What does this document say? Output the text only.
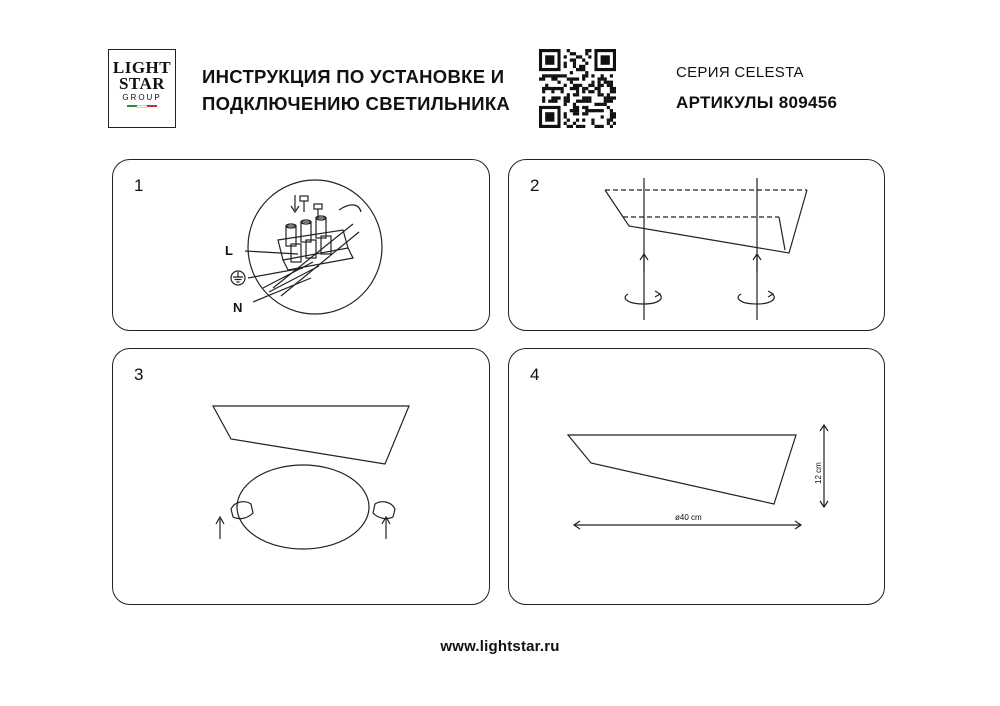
LIGHT
STAR
GROUP
ИНСТРУКЦИЯ ПО УСТАНОВКЕ И
ПОДКЛЮЧЕНИЮ СВЕТИЛЬНИКА
СЕРИЯ CELESTA
АРТИКУЛЫ 809456
1
L
N
2
3	4
ø40 cm
12 cm
www.lightstar.ru
